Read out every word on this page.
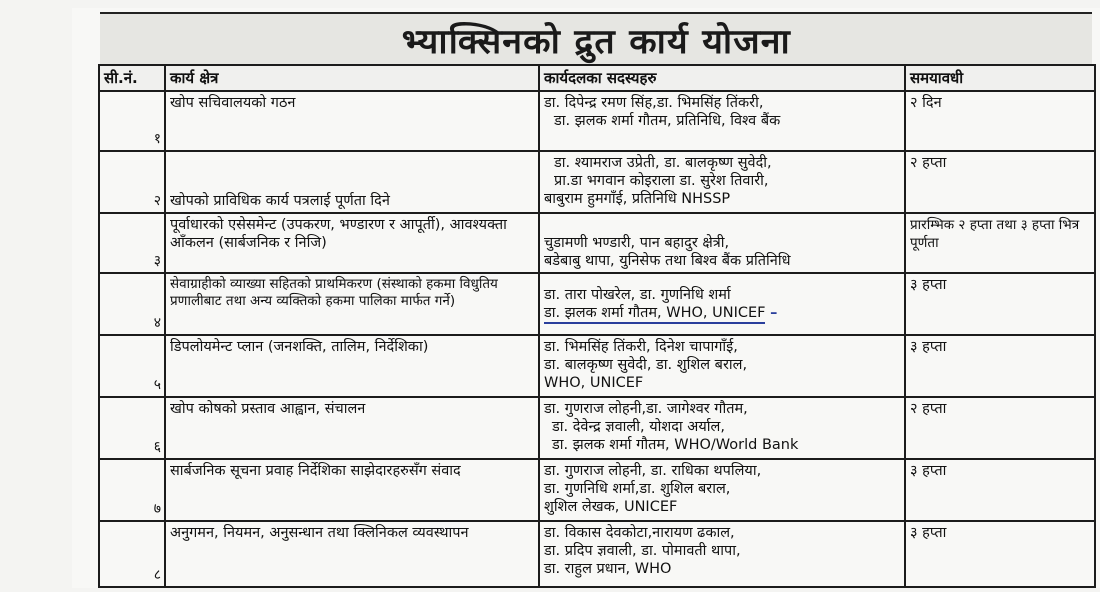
भ्याक्सिनको द्रुत कार्य योजना
सी.नं.	कार्य क्षेत्र	कार्यदलका सदस्यहरु	समयावधी

१	खोप सचिवालयको गठन	डा. दिपेन्द्र रमण सिंह,डा. भिमसिंह तिंकरी,
डा. झलक शर्मा गौतम, प्रतिनिधि, विश्व बैंक	२ दिन

२	खोपको प्राविधिक कार्य पत्रलाई पूर्णता दिने	डा. श्यामराज उप्रेती, डा. बालकृष्ण सुवेदी,
प्रा.डा भगवान कोइराला डा. सुरेश तिवारी,
बाबुराम हुमगाँई, प्रतिनिधि NHSSP	२ हप्ता

३	पूर्वाधारको एसेसमेन्ट (उपकरण, भण्डारण र आपूर्ती), आवश्यक्ता आँकलन (सार्बजनिक र निजि)	चुडामणी भण्डारी, पान बहादुर क्षेत्री,
बडेबाबु थापा, युनिसेफ तथा बिश्व बैंक प्रतिनिधि	प्रारम्भिक २ हप्ता तथा ३ हप्ता भित्र पूर्णता

४	सेवाग्राहीको व्याख्या सहितको प्राथमिकरण (संस्थाको हकमा विधुतिय प्रणालीबाट तथा अन्य व्यक्तिको हकमा पालिका मार्फत गर्ने)	डा. तारा पोखरेल, डा. गुणनिधि शर्मा
डा. झलक शर्मा गौतम, WHO, UNICEF –	३ हप्ता

५	डिपलोयमेन्ट प्लान (जनशक्ति, तालिम, निर्देशिका)	डा. भिमसिंह तिंकरी, दिनेश चापागाँई,
डा. बालकृष्ण सुवेदी, डा. शुशिल बराल,
WHO, UNICEF	३ हप्ता

६	खोप कोषको प्रस्ताव आह्वान, संचालन	डा. गुणराज लोहनी,डा. जागेश्वर गौतम,
डा. देवेन्द्र ज्ञवाली, योशदा अर्याल,
डा. झलक शर्मा गौतम, WHO/World Bank	२ हप्ता

७	सार्बजनिक सूचना प्रवाह निर्देशिका साझेदारहरुसँग संवाद	डा. गुणराज लोहनी, डा. राधिका थपलिया,
डा. गुणनिधि शर्मा,डा. शुशिल बराल,
शुशिल लेखक, UNICEF	३ हप्ता

८	अनुगमन, नियमन, अनुसन्धान तथा क्लिनिकल व्यवस्थापन	डा. विकास देवकोटा,नारायण ढकाल,
डा. प्रदिप ज्ञवाली, डा. पोमावती थापा,
डा. राहुल प्रधान, WHO	३ हप्ता
